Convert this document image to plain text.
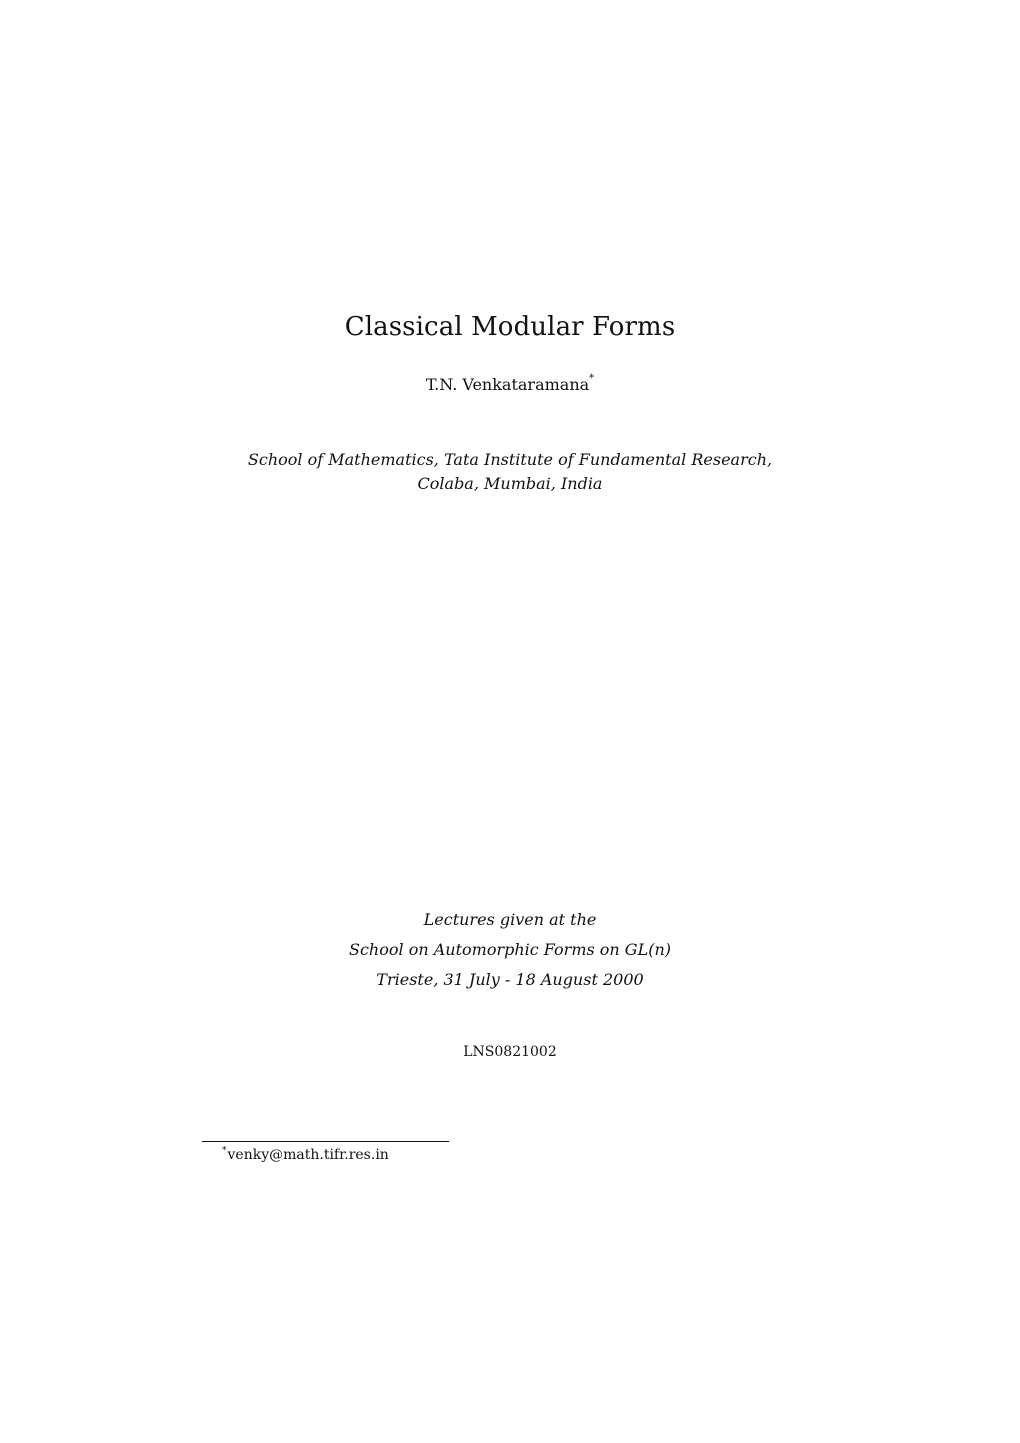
Classical Modular Forms
T.N. Venkataramana*
School of Mathematics, Tata Institute of Fundamental Research,
Colaba, Mumbai, India
Lectures given at the
School on Automorphic Forms on GL(n)
Trieste, 31 July - 18 August 2000
LNS0821002
*venky@math.tifr.res.in
